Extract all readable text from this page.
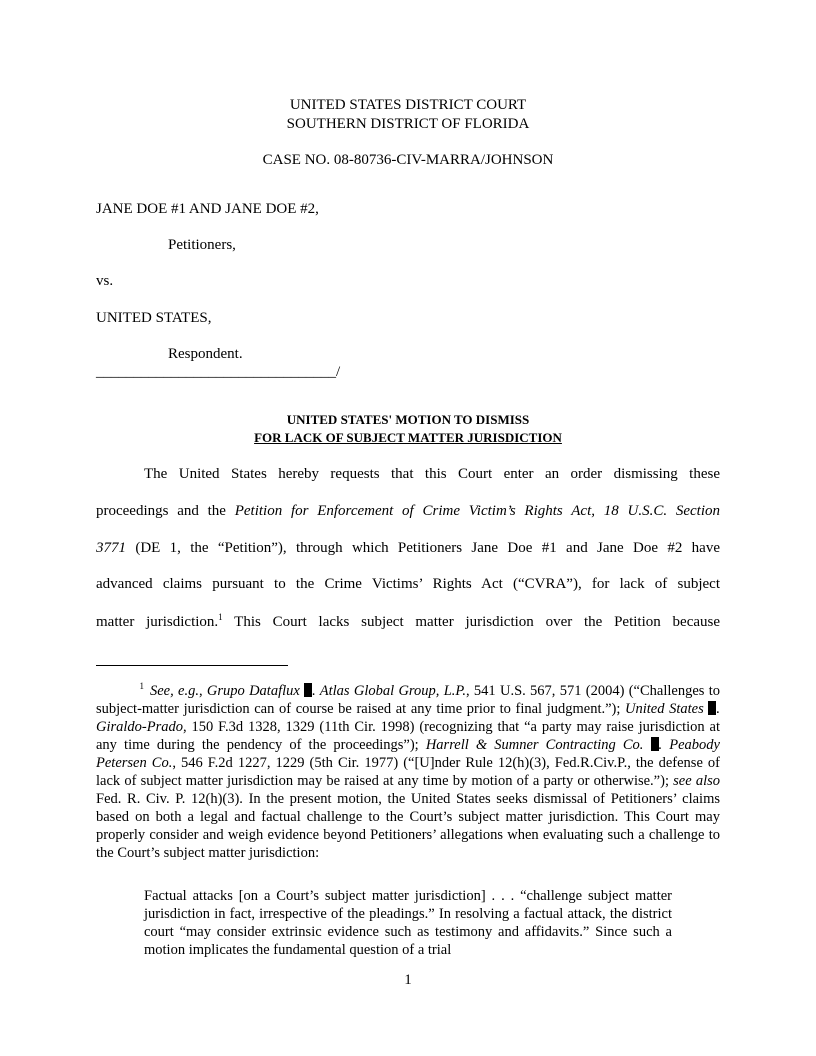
UNITED STATES DISTRICT COURT
SOUTHERN DISTRICT OF FLORIDA
CASE NO. 08-80736-CIV-MARRA/JOHNSON
JANE DOE #1 AND JANE DOE #2,
Petitioners,
vs.
UNITED STATES,
Respondent.
________________________________/
UNITED STATES' MOTION TO DISMISS
FOR LACK OF SUBJECT MATTER JURISDICTION
The United States hereby requests that this Court enter an order dismissing these
proceedings and the Petition for Enforcement of Crime Victim’s Rights Act, 18 U.S.C. Section
3771 (DE 1, the “Petition”), through which Petitioners Jane Doe #1 and Jane Doe #2 have
advanced claims pursuant to the Crime Victims’ Rights Act (“CVRA”), for lack of subject
matter jurisdiction.$^1$ This Court lacks subject matter jurisdiction over the Petition because
$^1$ See, e.g., Grupo Dataflux . Atlas Global Group, L.P., 541 U.S. 567, 571 (2004) (“Challenges to subject-matter jurisdiction can of course be raised at any time prior to final judgment.”); United States . Giraldo-Prado, 150 F.3d 1328, 1329 (11th Cir. 1998) (recognizing that “a party may raise jurisdiction at any time during the pendency of the proceedings”); Harrell & Sumner Contracting Co. . Peabody Petersen Co., 546 F.2d 1227, 1229 (5th Cir. 1977) (“[U]nder Rule 12(h)(3), Fed.R.Civ.P., the defense of lack of subject matter jurisdiction may be raised at any time by motion of a party or otherwise.”); see also Fed. R. Civ. P. 12(h)(3). In the present motion, the United States seeks dismissal of Petitioners’ claims based on both a legal and factual challenge to the Court’s subject matter jurisdiction. This Court may properly consider and weigh evidence beyond Petitioners’ allegations when evaluating such a challenge to the Court’s subject matter jurisdiction:
Factual attacks [on a Court’s subject matter jurisdiction] . . . “challenge subject matter jurisdiction in fact, irrespective of the pleadings.” In resolving a factual attack, the district court “may consider extrinsic evidence such as testimony and affidavits.” Since such a motion implicates the fundamental question of a trial
1
